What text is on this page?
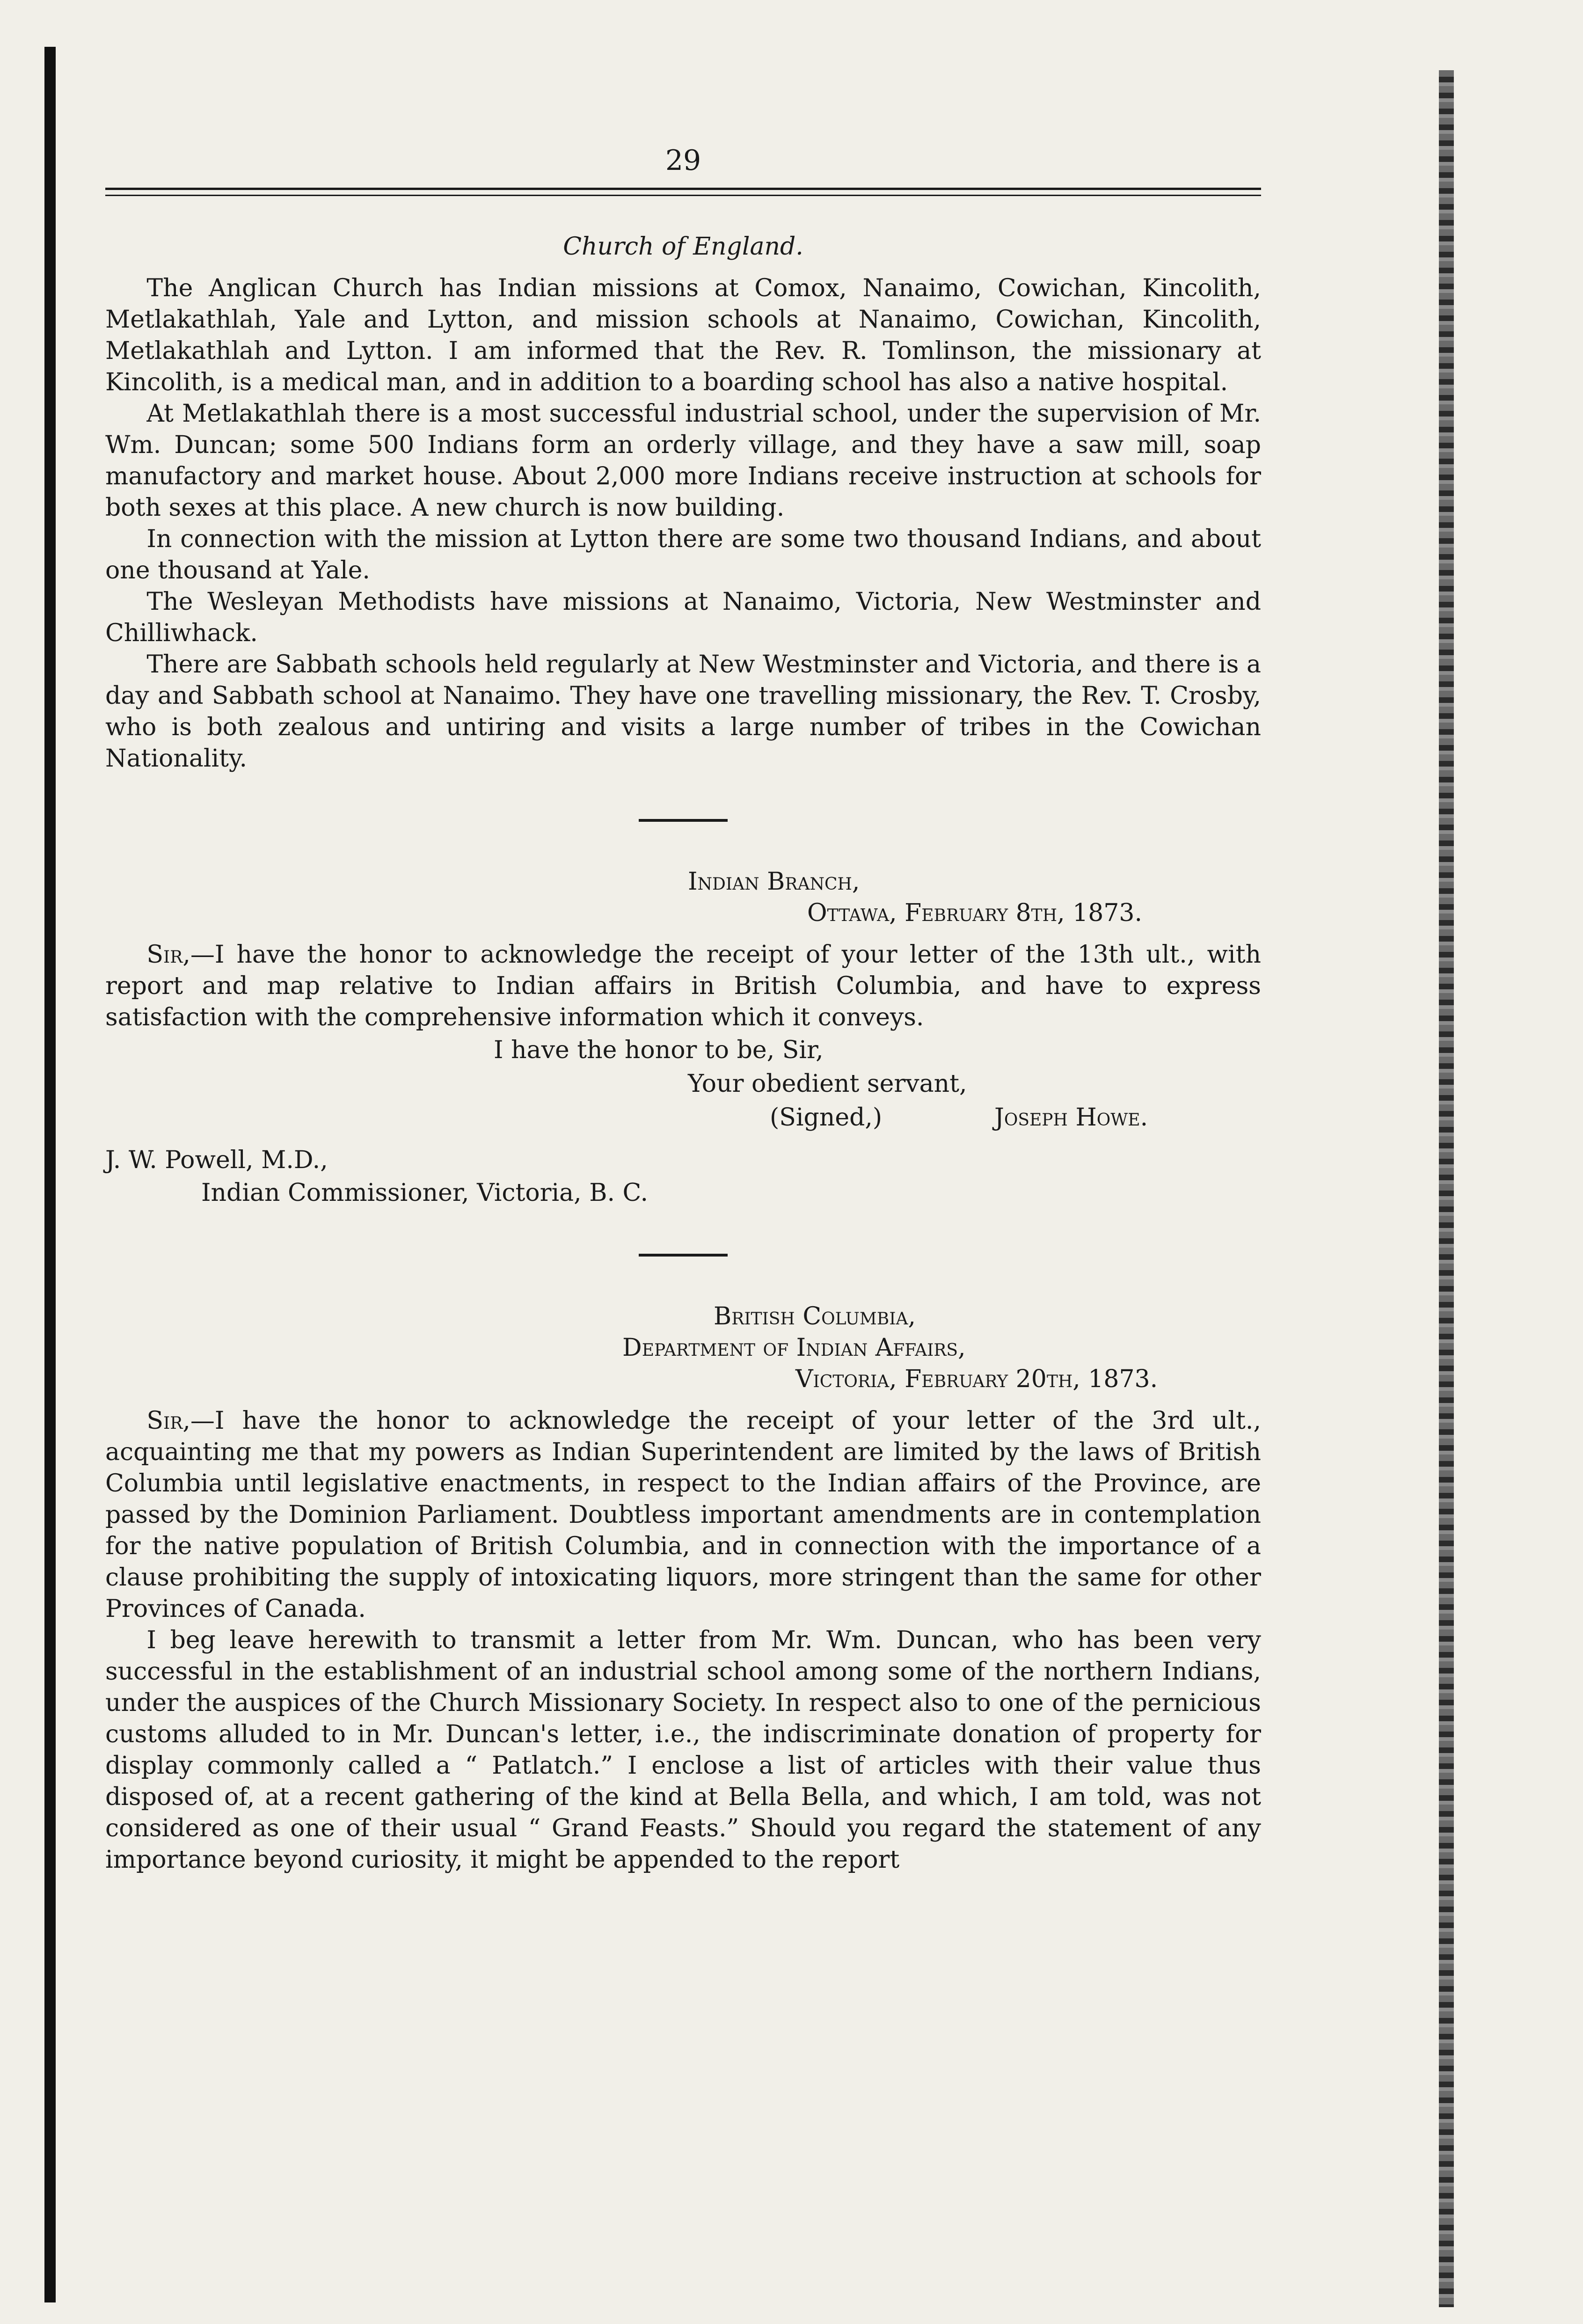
29
Church of England.

The Anglican Church has Indian missions at Comox, Nanaimo, Cowichan, Kincolith, Metlakathlah, Yale and Lytton, and mission schools at Nanaimo, Cowichan, Kincolith, Metlakathlah and Lytton. I am informed that the Rev. R. Tomlinson, the missionary at Kincolith, is a medical man, and in addition to a boarding school has also a native hospital.

At Metlakathlah there is a most successful industrial school, under the supervision of Mr. Wm. Duncan; some 500 Indians form an orderly village, and they have a saw mill, soap manufactory and market house. About 2,000 more Indians receive instruction at schools for both sexes at this place. A new church is now building.

In connection with the mission at Lytton there are some two thousand Indians, and about one thousand at Yale.

The Wesleyan Methodists have missions at Nanaimo, Victoria, New Westminster and Chilliwhack.

There are Sabbath schools held regularly at New Westminster and Victoria, and there is a day and Sabbath school at Nanaimo. They have one travelling missionary, the Rev. T. Crosby, who is both zealous and untiring and visits a large number of tribes in the Cowichan Nationality.

Indian Branch,
Ottawa, February 8th, 1873.

Sir,—I have the honor to acknowledge the receipt of your letter of the 13th ult., with report and map relative to Indian affairs in British Columbia, and have to express satisfaction with the comprehensive information which it conveys.

I have the honor to be, Sir,
Your obedient servant,
(Signed,)	Joseph Howe.
J. W. Powell, M.D.,
Indian Commissioner, Victoria, B. C.
British Columbia,
Department of Indian Affairs,
Victoria, February 20th, 1873.

Sir,—I have the honor to acknowledge the receipt of your letter of the 3rd ult., acquainting me that my powers as Indian Superintendent are limited by the laws of British Columbia until legislative enactments, in respect to the Indian affairs of the Province, are passed by the Dominion Parliament. Doubtless important amendments are in contemplation for the native population of British Columbia, and in connection with the importance of a clause prohibiting the supply of intoxicating liquors, more stringent than the same for other Provinces of Canada.

I beg leave herewith to transmit a letter from Mr. Wm. Duncan, who has been very successful in the establishment of an industrial school among some of the northern Indians, under the auspices of the Church Missionary Society. In respect also to one of the pernicious customs alluded to in Mr. Duncan's letter, i.e., the indiscriminate donation of property for display commonly called a “ Patlatch.” I enclose a list of articles with their value thus disposed of, at a recent gathering of the kind at Bella Bella, and which, I am told, was not considered as one of their usual “ Grand Feasts.” Should you regard the statement of any importance beyond curiosity, it might be appended to the report
